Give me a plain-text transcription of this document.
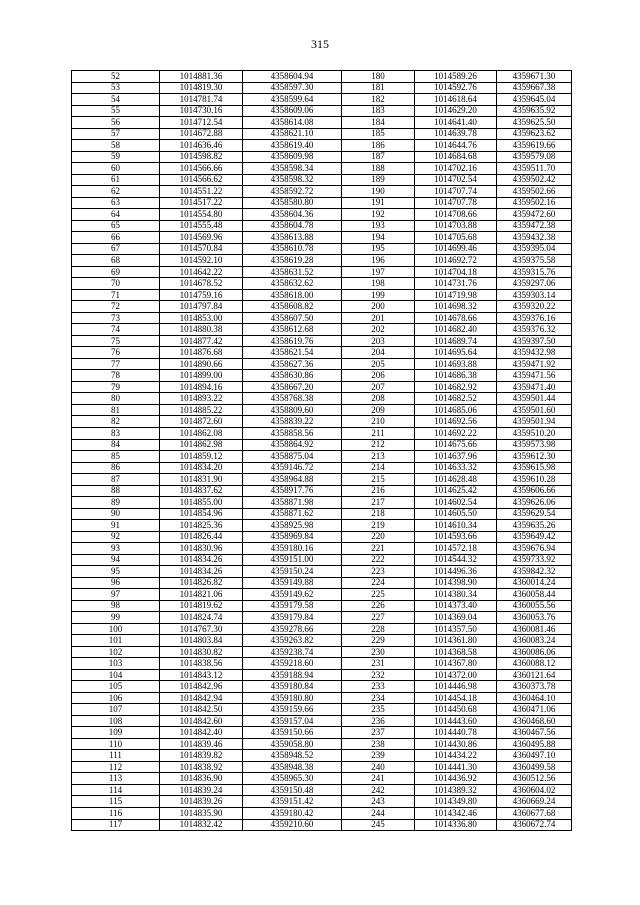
315
52	1014881.36	4358604.94	180	1014589.26	4359671.30
53	1014819.30	4358597.30	181	1014592.76	4359667.38
54	1014781.74	4358599.64	182	1014618.64	4359645.04
55	1014730.16	4358609.06	183	1014629.20	4359635.92
56	1014712.54	4358614.08	184	1014641.40	4359625.50
57	1014672.88	4358621.10	185	1014639.78	4359623.62
58	1014636.46	4358619.40	186	1014644.76	4359619.66
59	1014598.82	4358609.98	187	1014684.68	4359579.08
60	1014566.66	4358598.34	188	1014702.16	4359511.70
61	1014566.62	4358598.32	189	1014702.54	4359502.42
62	1014551.22	4358592.72	190	1014707.74	4359502.66
63	1014517.22	4358580.80	191	1014707.78	4359502.16
64	1014554.80	4358604.36	192	1014708.66	4359472.60
65	1014555.48	4358604.78	193	1014703.88	4359472.38
66	1014569.96	4358613.88	194	1014705.68	4359432.38
67	1014570.84	4358610.78	195	1014699.46	4359395.04
68	1014592.10	4358619.28	196	1014692.72	4359375.58
69	1014642.22	4358631.52	197	1014704.18	4359315.76
70	1014678.52	4358632.62	198	1014731.76	4359297.06
71	1014759.16	4358618.00	199	1014719.98	4359303.14
72	1014797.84	4358608.82	200	1014698.32	4359320.22
73	1014853.00	4358607.50	201	1014678.66	4359376.16
74	1014880.38	4358612.68	202	1014682.40	4359376.32
75	1014877.42	4358619.76	203	1014689.74	4359397.50
76	1014876.68	4358621.54	204	1014695.64	4359432.98
77	1014890.66	4358627.36	205	1014693.88	4359471.92
78	1014899.00	4358630.86	206	1014686.38	4359471.56
79	1014894.16	4358667.20	207	1014682.92	4359471.40
80	1014893.22	4358768.38	208	1014682.52	4359501.44
81	1014885.22	4358809.60	209	1014685.06	4359501.60
82	1014872.60	4358839.22	210	1014692.56	4359501.94
83	1014862.08	4358858.56	211	1014692.22	4359510.20
84	1014862.98	4358864.92	212	1014675.66	4359573.98
85	1014859.12	4358875.04	213	1014637.96	4359612.30
86	1014834.20	4359146.72	214	1014633.32	4359615.98
87	1014831.90	4358964.88	215	1014628.48	4359610.28
88	1014837.62	4358917.76	216	1014625.42	4359606.66
89	1014855.00	4358871.98	217	1014602.54	4359626.06
90	1014854.96	4358871.62	218	1014605.50	4359629.54
91	1014825.36	4358925.98	219	1014610.34	4359635.26
92	1014826.44	4358969.84	220	1014593.66	4359649.42
93	1014830.96	4359180.16	221	1014572.18	4359676.94
94	1014834.26	4359151.00	222	1014544.32	4359733.92
95	1014834.26	4359150.24	223	1014496.36	4359842.32
96	1014826.82	4359149.88	224	1014398.90	4360014.24
97	1014821.06	4359149.62	225	1014380.34	4360058.44
98	1014819.62	4359179.58	226	1014373.40	4360055.56
99	1014824.74	4359179.84	227	1014369.04	4360053.76
100	1014767.30	4359278.66	228	1014357.50	4360081.46
101	1014803.84	4359263.82	229	1014361.80	4360083.24
102	1014830.82	4359238.74	230	1014368.58	4360086.06
103	1014838.56	4359218.60	231	1014367.80	4360088.12
104	1014843.12	4359188.94	232	1014372.00	4360121.64
105	1014842.96	4359180.84	233	1014446.98	4360373.78
106	1014842.94	4359180.80	234	1014454.18	4360464.10
107	1014842.50	4359159.66	235	1014450.68	4360471.06
108	1014842.60	4359157.04	236	1014443.60	4360468.60
109	1014842.40	4359150.66	237	1014440.78	4360467.56
110	1014839.46	4359058.80	238	1014430.86	4360495.88
111	1014839.82	4358948.52	239	1014434.22	4360497.10
112	1014838.92	4358948.38	240	1014441.30	4360499.58
113	1014836.90	4358965.30	241	1014436.92	4360512.56
114	1014839.24	4359150.48	242	1014389.32	4360604.02
115	1014839.26	4359151.42	243	1014349.80	4360669.24
116	1014835.90	4359180.42	244	1014342.46	4360677.68
117	1014832.42	4359210.60	245	1014336.80	4360672.74
